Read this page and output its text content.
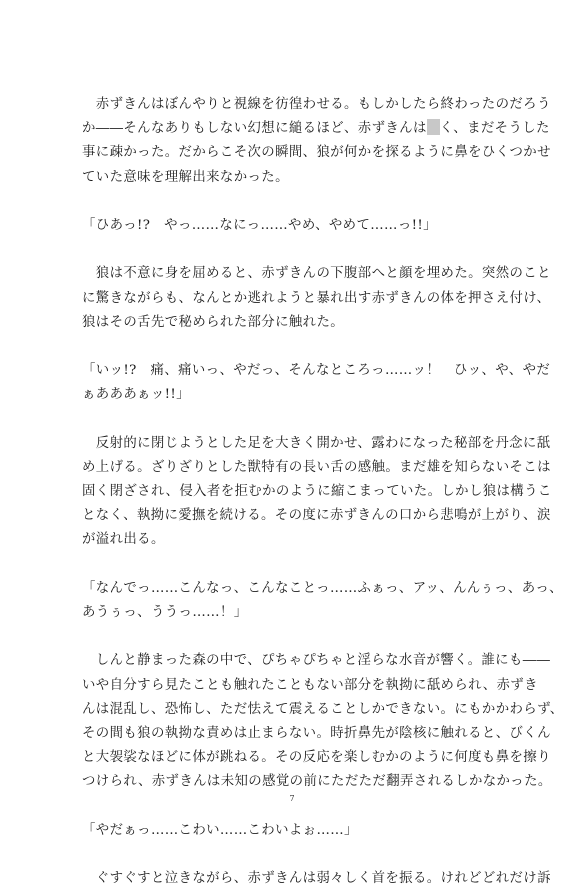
　赤ずきんはぼんやりと視線を彷徨わせる。もしかしたら終わったのだろう
か――そんなありもしない幻想に縋るほど、赤ずきんは く、まだそうした
事に疎かった。だからこそ次の瞬間、狼が何かを探るように鼻をひくつかせ
ていた意味を理解出来なかった。
「ひあっ!?　やっ……なにっ……やめ、やめて……っ!!」
　狼は不意に身を屈めると、赤ずきんの下腹部へと顔を埋めた。突然のこと
に驚きながらも、なんとか逃れようと暴れ出す赤ずきんの体を押さえ付け、
狼はその舌先で秘められた部分に触れた。
「いッ!?　痛、痛いっ、やだっ、そんなところっ……ッ！　ひッ、や、やだ
ぁあああぁッ!!」
　反射的に閉じようとした足を大きく開かせ、露わになった秘部を丹念に舐
め上げる。ざりざりとした獣特有の長い舌の感触。まだ雄を知らないそこは
固く閉ざされ、侵入者を拒むかのように縮こまっていた。しかし狼は構うこ
となく、執拗に愛撫を続ける。その度に赤ずきんの口から悲鳴が上がり、涙
が溢れ出る。
「なんでっ……こんなっ、こんなことっ……ふぁっ、アッ、んんぅっ、あっ、
あうぅっ、ううっ……！」
　しんと静まった森の中で、ぴちゃぴちゃと淫らな水音が響く。誰にも――
いや自分すら見たことも触れたこともない部分を執拗に舐められ、赤ずき
んは混乱し、恐怖し、ただ怯えて震えることしかできない。にもかかわらず、
その間も狼の執拗な責めは止まらない。時折鼻先が陰核に触れると、びくん
と大袈裟なほどに体が跳ねる。その反応を楽しむかのように何度も鼻を擦り
つけられ、赤ずきんは未知の感覚の前にただただ翻弄されるしかなかった。
「やだぁっ……こわい……こわいよぉ……」
　ぐすぐすと泣きながら、赤ずきんは弱々しく首を振る。けれどどれだけ訴
7
